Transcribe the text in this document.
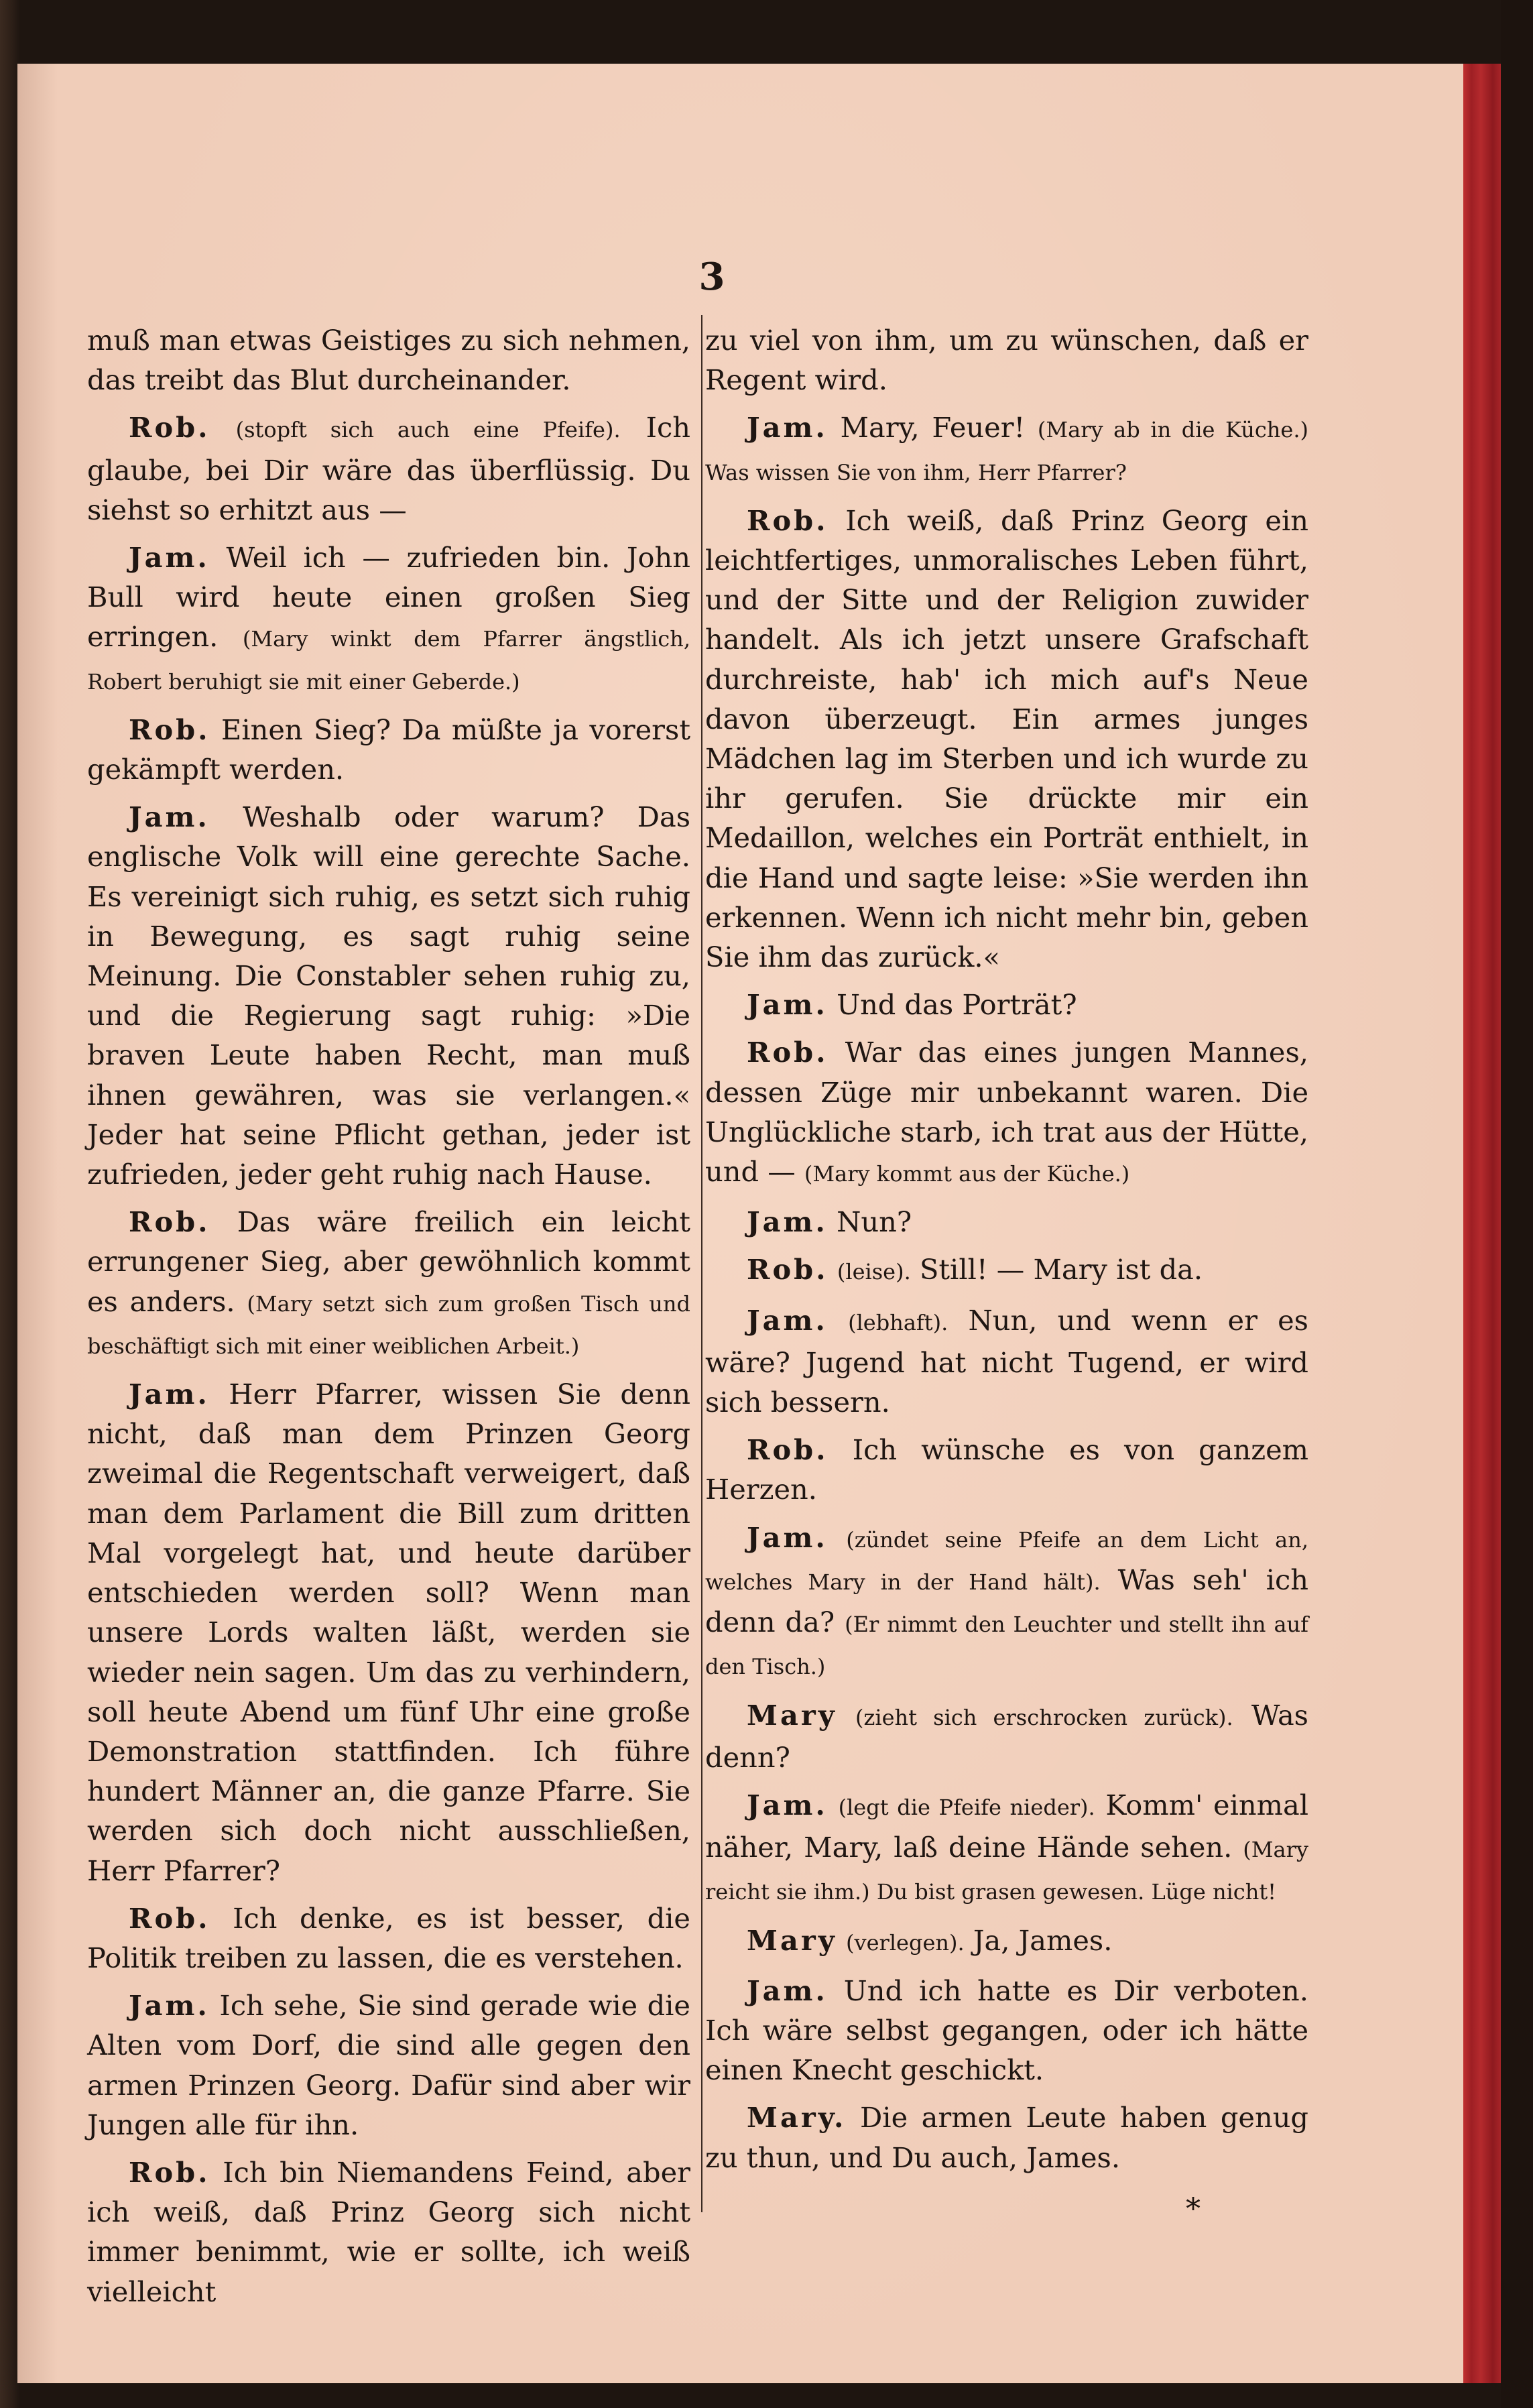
3

muß man etwas Geistiges zu sich nehmen, das treibt das Blut durcheinander.

Rob. (stopft sich auch eine Pfeife). Ich glaube, bei Dir wäre das überflüssig. Du siehst so erhitzt aus —

Jam. Weil ich — zufrieden bin. John Bull wird heute einen großen Sieg erringen. (Mary winkt dem Pfarrer ängstlich, Robert beruhigt sie mit einer Geberde.)

Rob. Einen Sieg? Da müßte ja vorerst gekämpft werden.

Jam. Weshalb oder warum? Das englische Volk will eine gerechte Sache. Es vereinigt sich ruhig, es setzt sich ruhig in Bewegung, es sagt ruhig seine Meinung. Die Constabler sehen ruhig zu, und die Regierung sagt ruhig: »Die braven Leute haben Recht, man muß ihnen gewähren, was sie verlangen.« Jeder hat seine Pflicht gethan, jeder ist zufrieden, jeder geht ruhig nach Hause.

Rob. Das wäre freilich ein leicht errungener Sieg, aber gewöhnlich kommt es anders. (Mary setzt sich zum großen Tisch und beschäftigt sich mit einer weiblichen Arbeit.)

Jam. Herr Pfarrer, wissen Sie denn nicht, daß man dem Prinzen Georg zweimal die Regentschaft verweigert, daß man dem Parlament die Bill zum dritten Mal vorgelegt hat, und heute darüber entschieden werden soll? Wenn man unsere Lords walten läßt, werden sie wieder nein sagen. Um das zu verhindern, soll heute Abend um fünf Uhr eine große Demonstration stattfinden. Ich führe hundert Männer an, die ganze Pfarre. Sie werden sich doch nicht ausschließen, Herr Pfarrer?

Rob. Ich denke, es ist besser, die Politik treiben zu lassen, die es verstehen.

Jam. Ich sehe, Sie sind gerade wie die Alten vom Dorf, die sind alle gegen den armen Prinzen Georg. Dafür sind aber wir Jungen alle für ihn.

Rob. Ich bin Niemandens Feind, aber ich weiß, daß Prinz Georg sich nicht immer benimmt, wie er sollte, ich weiß vielleicht

zu viel von ihm, um zu wünschen, daß er Regent wird.

Jam. Mary, Feuer! (Mary ab in die Küche.) Was wissen Sie von ihm, Herr Pfarrer?

Rob. Ich weiß, daß Prinz Georg ein leichtfertiges, unmoralisches Leben führt, und der Sitte und der Religion zuwider handelt. Als ich jetzt unsere Grafschaft durchreiste, hab' ich mich auf's Neue davon überzeugt. Ein armes junges Mädchen lag im Sterben und ich wurde zu ihr gerufen. Sie drückte mir ein Medaillon, welches ein Porträt enthielt, in die Hand und sagte leise: »Sie werden ihn erkennen. Wenn ich nicht mehr bin, geben Sie ihm das zurück.«

Jam. Und das Porträt?

Rob. War das eines jungen Mannes, dessen Züge mir unbekannt waren. Die Unglückliche starb, ich trat aus der Hütte, und — (Mary kommt aus der Küche.)

Jam. Nun?

Rob. (leise). Still! — Mary ist da.

Jam. (lebhaft). Nun, und wenn er es wäre? Jugend hat nicht Tugend, er wird sich bessern.

Rob. Ich wünsche es von ganzem Herzen.

Jam. (zündet seine Pfeife an dem Licht an, welches Mary in der Hand hält). Was seh' ich denn da? (Er nimmt den Leuchter und stellt ihn auf den Tisch.)

Mary (zieht sich erschrocken zurück). Was denn?

Jam. (legt die Pfeife nieder). Komm' einmal näher, Mary, laß deine Hände sehen. (Mary reicht sie ihm.) Du bist grasen gewesen. Lüge nicht!

Mary (verlegen). Ja, James.

Jam. Und ich hatte es Dir verboten. Ich wäre selbst gegangen, oder ich hätte einen Knecht geschickt.

Mary. Die armen Leute haben genug zu thun, und Du auch, James.

*
